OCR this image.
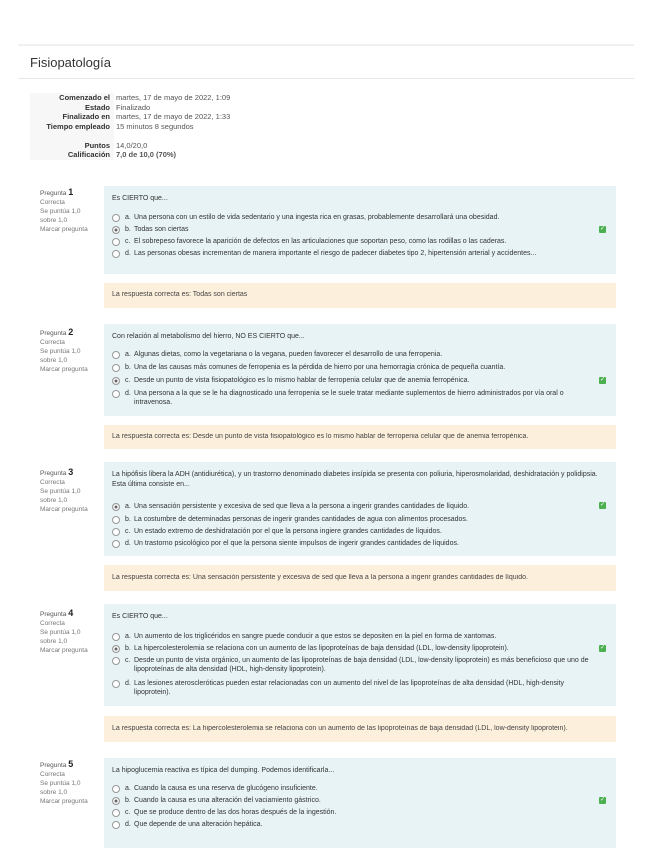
Fisiopatología
Comenzado el martes, 17 de mayo de 2022, 1:09
Estado Finalizado
Finalizado en martes, 17 de mayo de 2022, 1:33
Tiempo empleado 15 minutos 8 segundos
Puntos 14,0/20,0
Calificación 7,0 de 10,0 (70%)
Pregunta 1
Correcta
Se puntúa 1,0 sobre 1,0
Marcar pregunta
Es CIERTO que...
a. Una persona con un estilo de vida sedentario y una ingesta rica en grasas, probablemente desarrollará una obesidad.
b. Todas son ciertas	✓
c. El sobrepeso favorece la aparición de defectos en las articulaciones que soportan peso, como las rodillas o las caderas.
d. Las personas obesas incrementan de manera importante el riesgo de padecer diabetes tipo 2, hipertensión arterial y accidentes...
La respuesta correcta es: Todas son ciertas
Pregunta 2
Correcta
Se puntúa 1,0 sobre 1,0
Marcar pregunta
Con relación al metabolismo del hierro, NO ES CIERTO que...
a. Algunas dietas, como la vegetariana o la vegana, pueden favorecer el desarrollo de una ferropenia.
b. Una de las causas más comunes de ferropenia es la pérdida de hierro por una hemorragia crónica de pequeña cuantía.
c. Desde un punto de vista fisiopatológico es lo mismo hablar de ferropenia celular que de anemia ferropénica.	✓
d. Una persona a la que se le ha diagnosticado una ferropenia se le suele tratar mediante suplementos de hierro administrados por vía oral o intravenosa.
La respuesta correcta es: Desde un punto de vista fisiopatológico es lo mismo hablar de ferropenia celular que de anemia ferropénica.
Pregunta 3
Correcta
Se puntúa 1,0 sobre 1,0
Marcar pregunta
La hipófisis libera la ADH (antidiurética), y un trastorno denominado diabetes insípida se presenta con poliuria, hiperosmolaridad, deshidratación y polidipsia. Esta última consiste en...
a. Una sensación persistente y excesiva de sed que lleva a la persona a ingerir grandes cantidades de líquido.	✓
b. La costumbre de determinadas personas de ingerir grandes cantidades de agua con alimentos procesados.
c. Un estado extremo de deshidratación por el que la persona ingiere grandes cantidades de líquidos.
d. Un trastorno psicológico por el que la persona siente impulsos de ingerir grandes cantidades de líquidos.
La respuesta correcta es: Una sensación persistente y excesiva de sed que lleva a la persona a ingerir grandes cantidades de líquido.
Pregunta 4
Correcta
Se puntúa 1,0 sobre 1,0
Marcar pregunta
Es CIERTO que...
a. Un aumento de los triglicéridos en sangre puede conducir a que estos se depositen en la piel en forma de xantomas.
b. La hipercolesterolemia se relaciona con un aumento de las lipoproteínas de baja densidad (LDL, low-density lipoprotein).	✓
c. Desde un punto de vista orgánico, un aumento de las lipoproteínas de baja densidad (LDL, low-density lipoprotein) es más beneficioso que uno de lipoproteínas de alta densidad (HDL, high-density lipoprotein).
d. Las lesiones ateroscleróticas pueden estar relacionadas con un aumento del nivel de las lipoproteínas de alta densidad (HDL, high-density lipoprotein).
La respuesta correcta es: La hipercolesterolemia se relaciona con un aumento de las lipoproteínas de baja densidad (LDL, low-density lipoprotein).
Pregunta 5
Correcta
Se puntúa 1,0 sobre 1,0
Marcar pregunta
La hipoglucemia reactiva es típica del dumping. Podemos identificarla...
a. Cuando la causa es una reserva de glucógeno insuficiente.
b. Cuando la causa es una alteración del vaciamiento gástrico.	✓
c. Que se produce dentro de las dos horas después de la ingestión.
d. Que depende de una alteración hepática.
